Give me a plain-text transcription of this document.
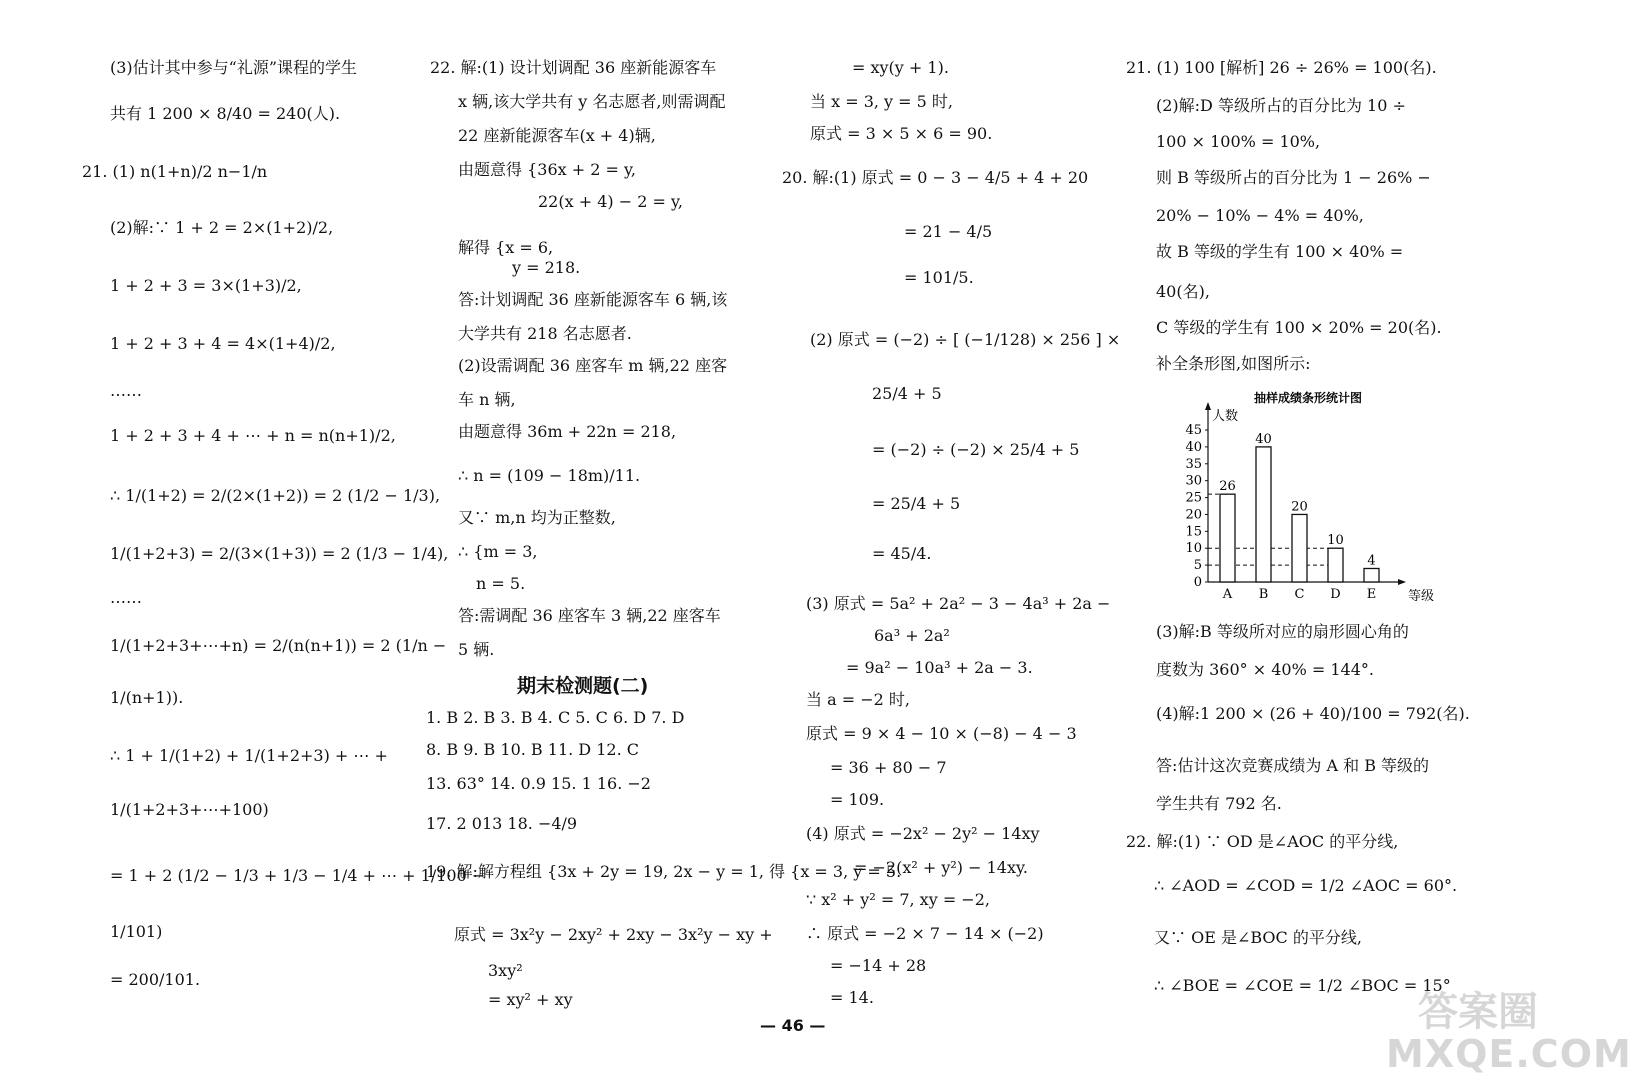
(3)估计其中参与“礼源”课程的学生
共有 1 200 × 8/40 = 240(人).
21. (1) n(1+n)/2 n−1/n
(2)解:∵ 1 + 2 = 2×(1+2)/2,
1 + 2 + 3 = 3×(1+3)/2,
1 + 2 + 3 + 4 = 4×(1+4)/2,
……
1 + 2 + 3 + 4 + ⋯ + n = n(n+1)/2,
∴ 1/(1+2) = 2/(2×(1+2)) = 2 (1/2 − 1/3),
1/(1+2+3) = 2/(3×(1+3)) = 2 (1/3 − 1/4),
……
1/(1+2+3+⋯+n) = 2/(n(n+1)) = 2 (1/n −
1/(n+1)).
∴ 1 + 1/(1+2) + 1/(1+2+3) + ⋯ +
1/(1+2+3+⋯+100)
= 1 + 2 (1/2 − 1/3 + 1/3 − 1/4 + ⋯ + 1/100 −
1/101)
= 200/101.
22. 解:(1) 设计划调配 36 座新能源客车
x 辆,该大学共有 y 名志愿者,则需调配
22 座新能源客车(x + 4)辆,
由题意得 {36x + 2 = y,
22(x + 4) − 2 = y,
解得 {x = 6,
y = 218.
答:计划调配 36 座新能源客车 6 辆,该
大学共有 218 名志愿者.
(2)设需调配 36 座客车 m 辆,22 座客
车 n 辆,
由题意得 36m + 22n = 218,
∴ n = (109 − 18m)/11.
又∵ m,n 均为正整数,
∴ {m = 3,
n = 5.
答:需调配 36 座客车 3 辆,22 座客车
5 辆.
1. B 2. B 3. B 4. C 5. C 6. D 7. D
8. B 9. B 10. B 11. D 12. C
13. 63° 14. 0.9 15. 1 16. −2
17. 2 013 18. −4/9
19. 解:解方程组 {3x + 2y = 19, 2x − y = 1, 得 {x = 3, y = 5.
原式 = 3x²y − 2xy² + 2xy − 3x²y − xy +
3xy²
= xy² + xy
= xy(y + 1).
当 x = 3, y = 5 时,
原式 = 3 × 5 × 6 = 90.
20. 解:(1) 原式 = 0 − 3 − 4/5 + 4 + 20
= 21 − 4/5
= 101/5.
(2) 原式 = (−2) ÷ [ (−1/128) × 256 ] ×
25/4 + 5
= (−2) ÷ (−2) × 25/4 + 5
= 25/4 + 5
= 45/4.
(3) 原式 = 5a² + 2a² − 3 − 4a³ + 2a −
6a³ + 2a²
= 9a² − 10a³ + 2a − 3.
当 a = −2 时,
原式 = 9 × 4 − 10 × (−8) − 4 − 3
= 36 + 80 − 7
= 109.
(4) 原式 = −2x² − 2y² − 14xy
= −2(x² + y²) − 14xy.
∵ x² + y² = 7, xy = −2,
∴ 原式 = −2 × 7 − 14 × (−2)
= −14 + 28
= 14.
21. (1) 100 [解析] 26 ÷ 26% = 100(名).
(2)解:D 等级所占的百分比为 10 ÷
100 × 100% = 10%,
则 B 等级所占的百分比为 1 − 26% −
20% − 10% − 4% = 40%,
故 B 等级的学生有 100 × 40% =
40(名),
C 等级的学生有 100 × 20% = 20(名).
补全条形图,如图所示:
(3)解:B 等级所对应的扇形圆心角的
度数为 360° × 40% = 144°.
(4)解:1 200 × (26 + 40)/100 = 792(名).
答:估计这次竞赛成绩为 A 和 B 等级的
学生共有 792 名.
22. 解:(1) ∵ OD 是∠AOC 的平分线,
∴ ∠AOD = ∠COD = 1/2 ∠AOC = 60°.
又∵ OE 是∠BOC 的平分线,
∴ ∠BOE = ∠COE = 1/2 ∠BOC = 15°
期末检测题(二)
抽样成绩条形统计图
人数
等级
0
5
10
15
20
25
30
35
40
45
26
A
40
B
20
C
10
D
4
E
— 46 —	答案圈
MXQE.COM
